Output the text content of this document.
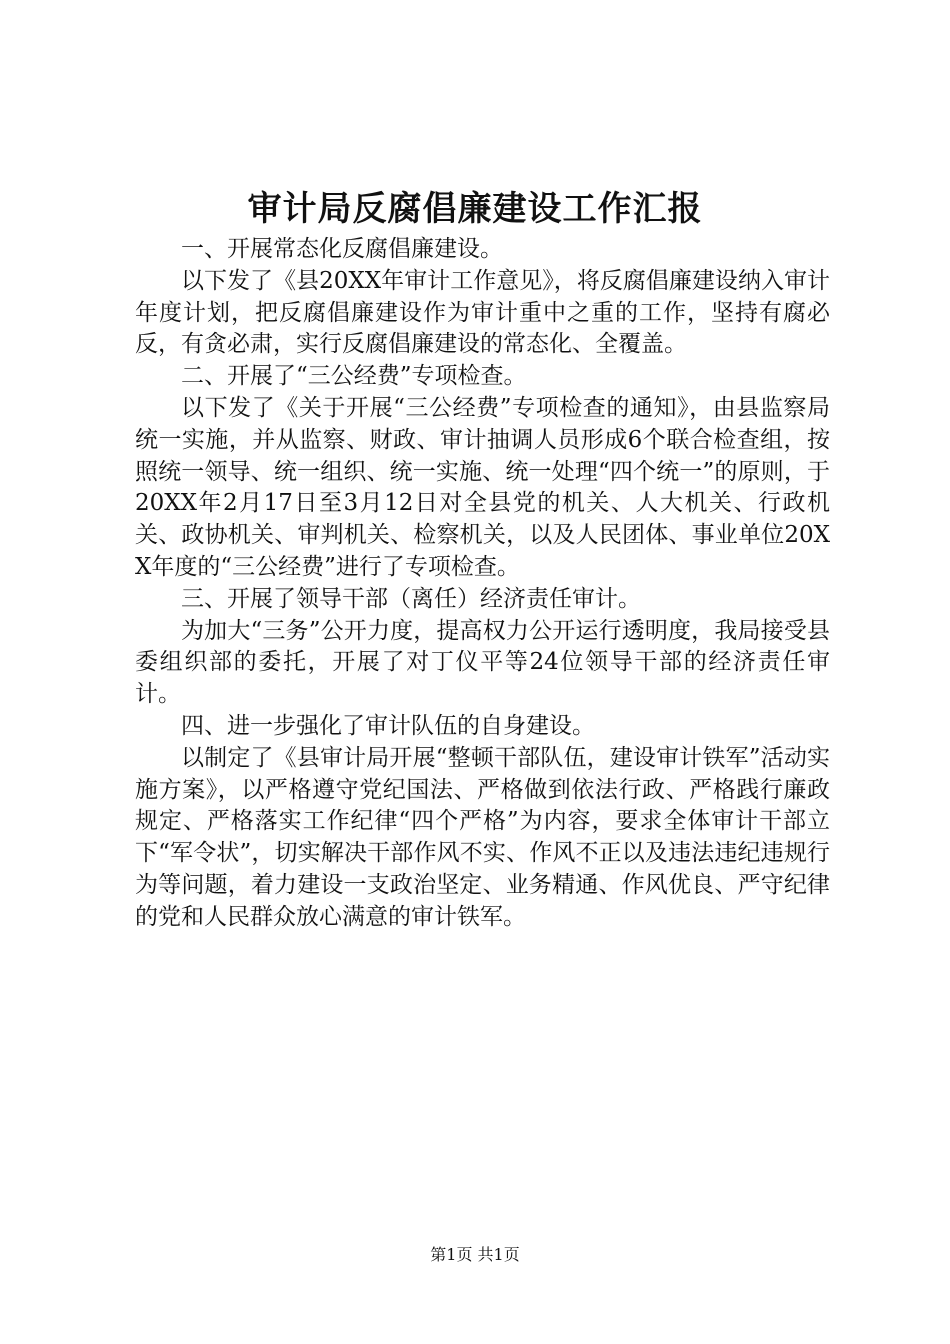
审计局反腐倡廉建设工作汇报

一、开展常态化反腐倡廉建设。

以下发了《县20XX年审计工作意见》，将反腐倡廉建设纳入审计年度计划，把反腐倡廉建设作为审计重中之重的工作，坚持有腐必反，有贪必肃，实行反腐倡廉建设的常态化、全覆盖。

二、开展了“三公经费”专项检查。

以下发了《关于开展“三公经费”专项检查的通知》，由县监察局统一实施，并从监察、财政、审计抽调人员形成6个联合检查组，按照统一领导、统一组织、统一实施、统一处理“四个统一”的原则，于20XX年2月17日至3月12日对全县党的机关、人大机关、行政机关、政协机关、审判机关、检察机关，以及人民团体、事业单位20XX年度的“三公经费”进行了专项检查。

三、开展了领导干部（离任）经济责任审计。

为加大“三务”公开力度，提高权力公开运行透明度，我局接受县委组织部的委托，开展了对丁仪平等24位领导干部的经济责任审计。

四、进一步强化了审计队伍的自身建设。

以制定了《县审计局开展“整顿干部队伍，建设审计铁军”活动实施方案》，以严格遵守党纪国法、严格做到依法行政、严格践行廉政规定、严格落实工作纪律“四个严格”为内容，要求全体审计干部立下“军令状”，切实解决干部作风不实、作风不正以及违法违纪违规行为等问题，着力建设一支政治坚定、业务精通、作风优良、严守纪律的党和人民群众放心满意的审计铁军。

第1页 共1页
